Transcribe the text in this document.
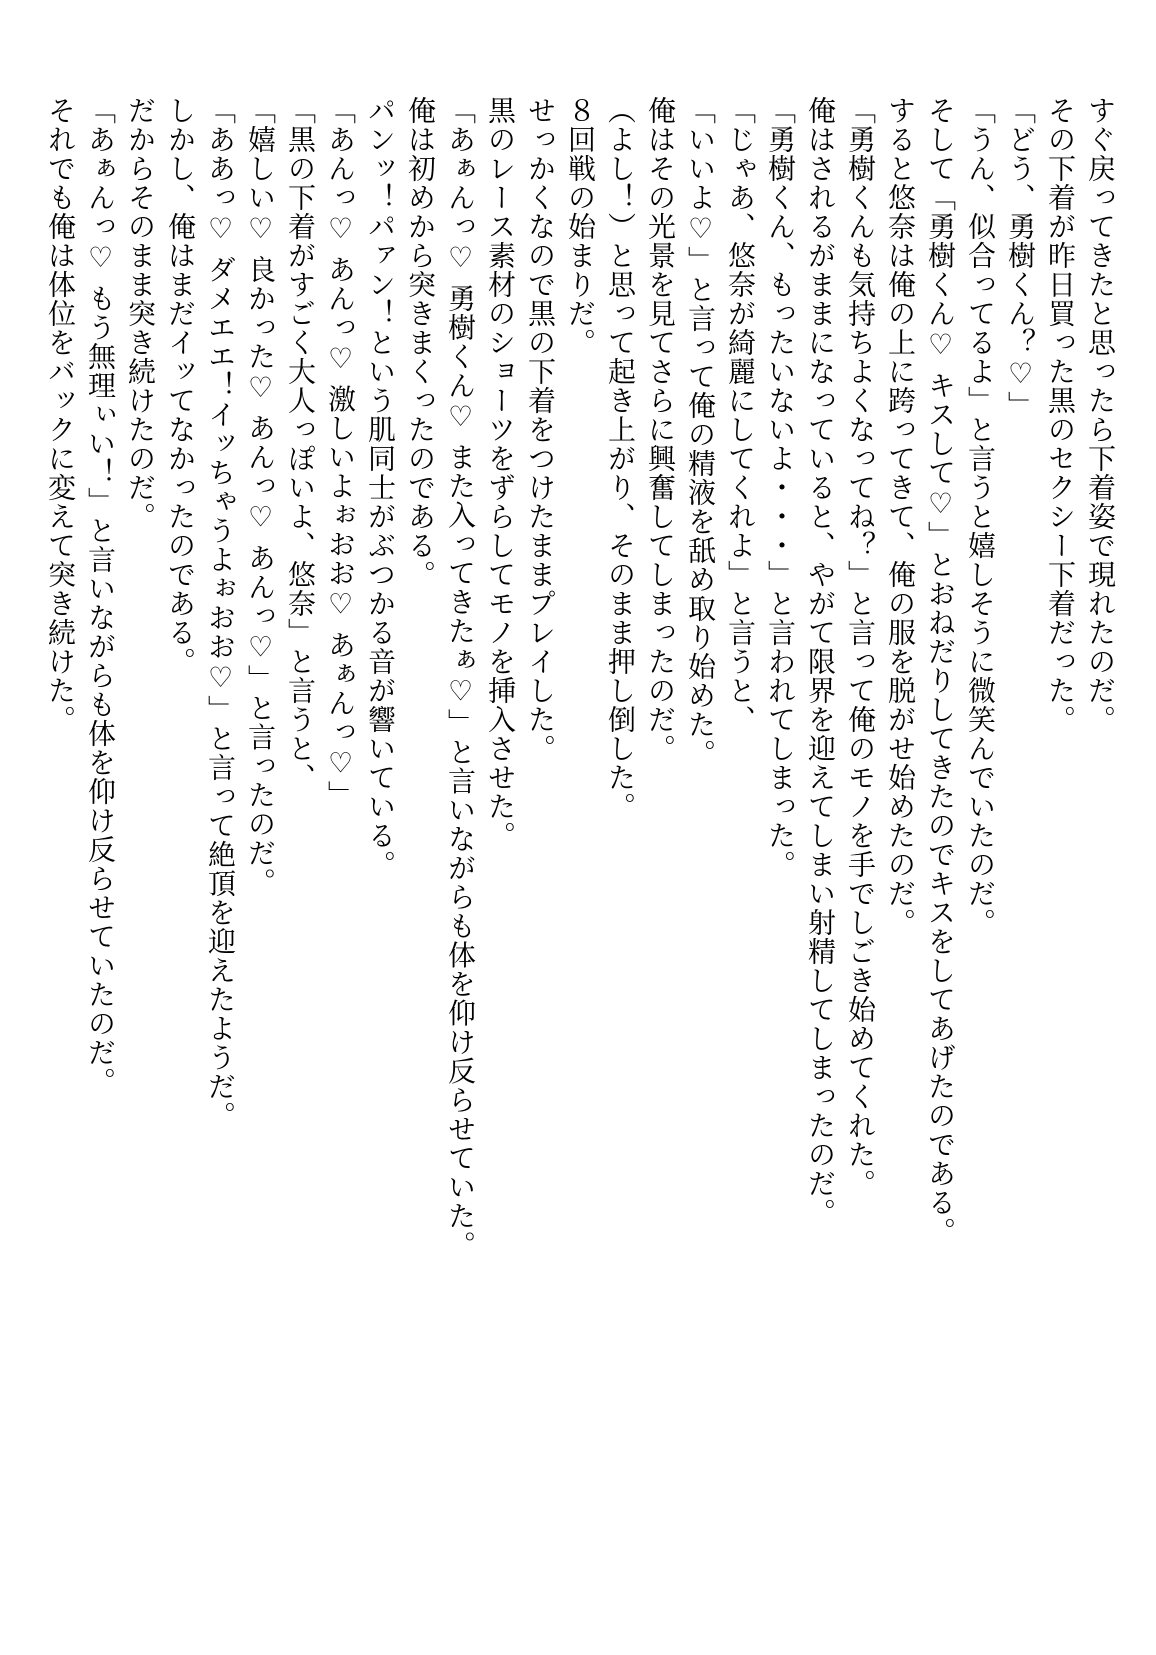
すぐ戻ってきたと思ったら下着姿で現れたのだ。

その下着が昨日買った黒のセクシー下着だった。

「どう、勇樹くん？♡」

「うん、似合ってるよ」と言うと嬉しそうに微笑んでいたのだ。

そして「勇樹くん♡ キスして♡」とおねだりしてきたのでキスをしてあげたのである。

すると悠奈は俺の上に跨ってきて、俺の服を脱がせ始めたのだ。

「勇樹くんも気持ちよくなってね？」と言って俺のモノを手でしごき始めてくれた。

俺はされるがままになっていると、やがて限界を迎えてしまい射精してしまったのだ。

「勇樹くん、もったいないよ・・・」と言われてしまった。

「じゃあ、悠奈が綺麗にしてくれよ」と言うと、

「いいよ♡」と言って俺の精液を舐め取り始めた。

俺はその光景を見てさらに興奮してしまったのだ。

（よし！）と思って起き上がり、そのまま押し倒した。

８回戦の始まりだ。

せっかくなので黒の下着をつけたままプレイした。

黒のレース素材のショーツをずらしてモノを挿入させた。

「あぁんっ♡ 勇樹くん♡ また入ってきたぁ♡」と言いながらも体を仰け反らせていた。

俺は初めから突きまくったのである。

パンッ！パァン！という肌同士がぶつかる音が響いている。

「あんっ♡ あんっ♡ 激しいよぉおお♡ あぁんっ♡」

「黒の下着がすごく大人っぽいよ、悠奈」と言うと、

「嬉しい♡ 良かった♡ あんっ♡ あんっ♡」と言ったのだ。

「ああっ♡ ダメエエ！イッちゃうよぉおお♡」と言って絶頂を迎えたようだ。

しかし、俺はまだイッてなかったのである。

だからそのまま突き続けたのだ。

「あぁんっ♡ もう無理ぃい！」と言いながらも体を仰け反らせていたのだ。

それでも俺は体位をバックに変えて突き続けた。
